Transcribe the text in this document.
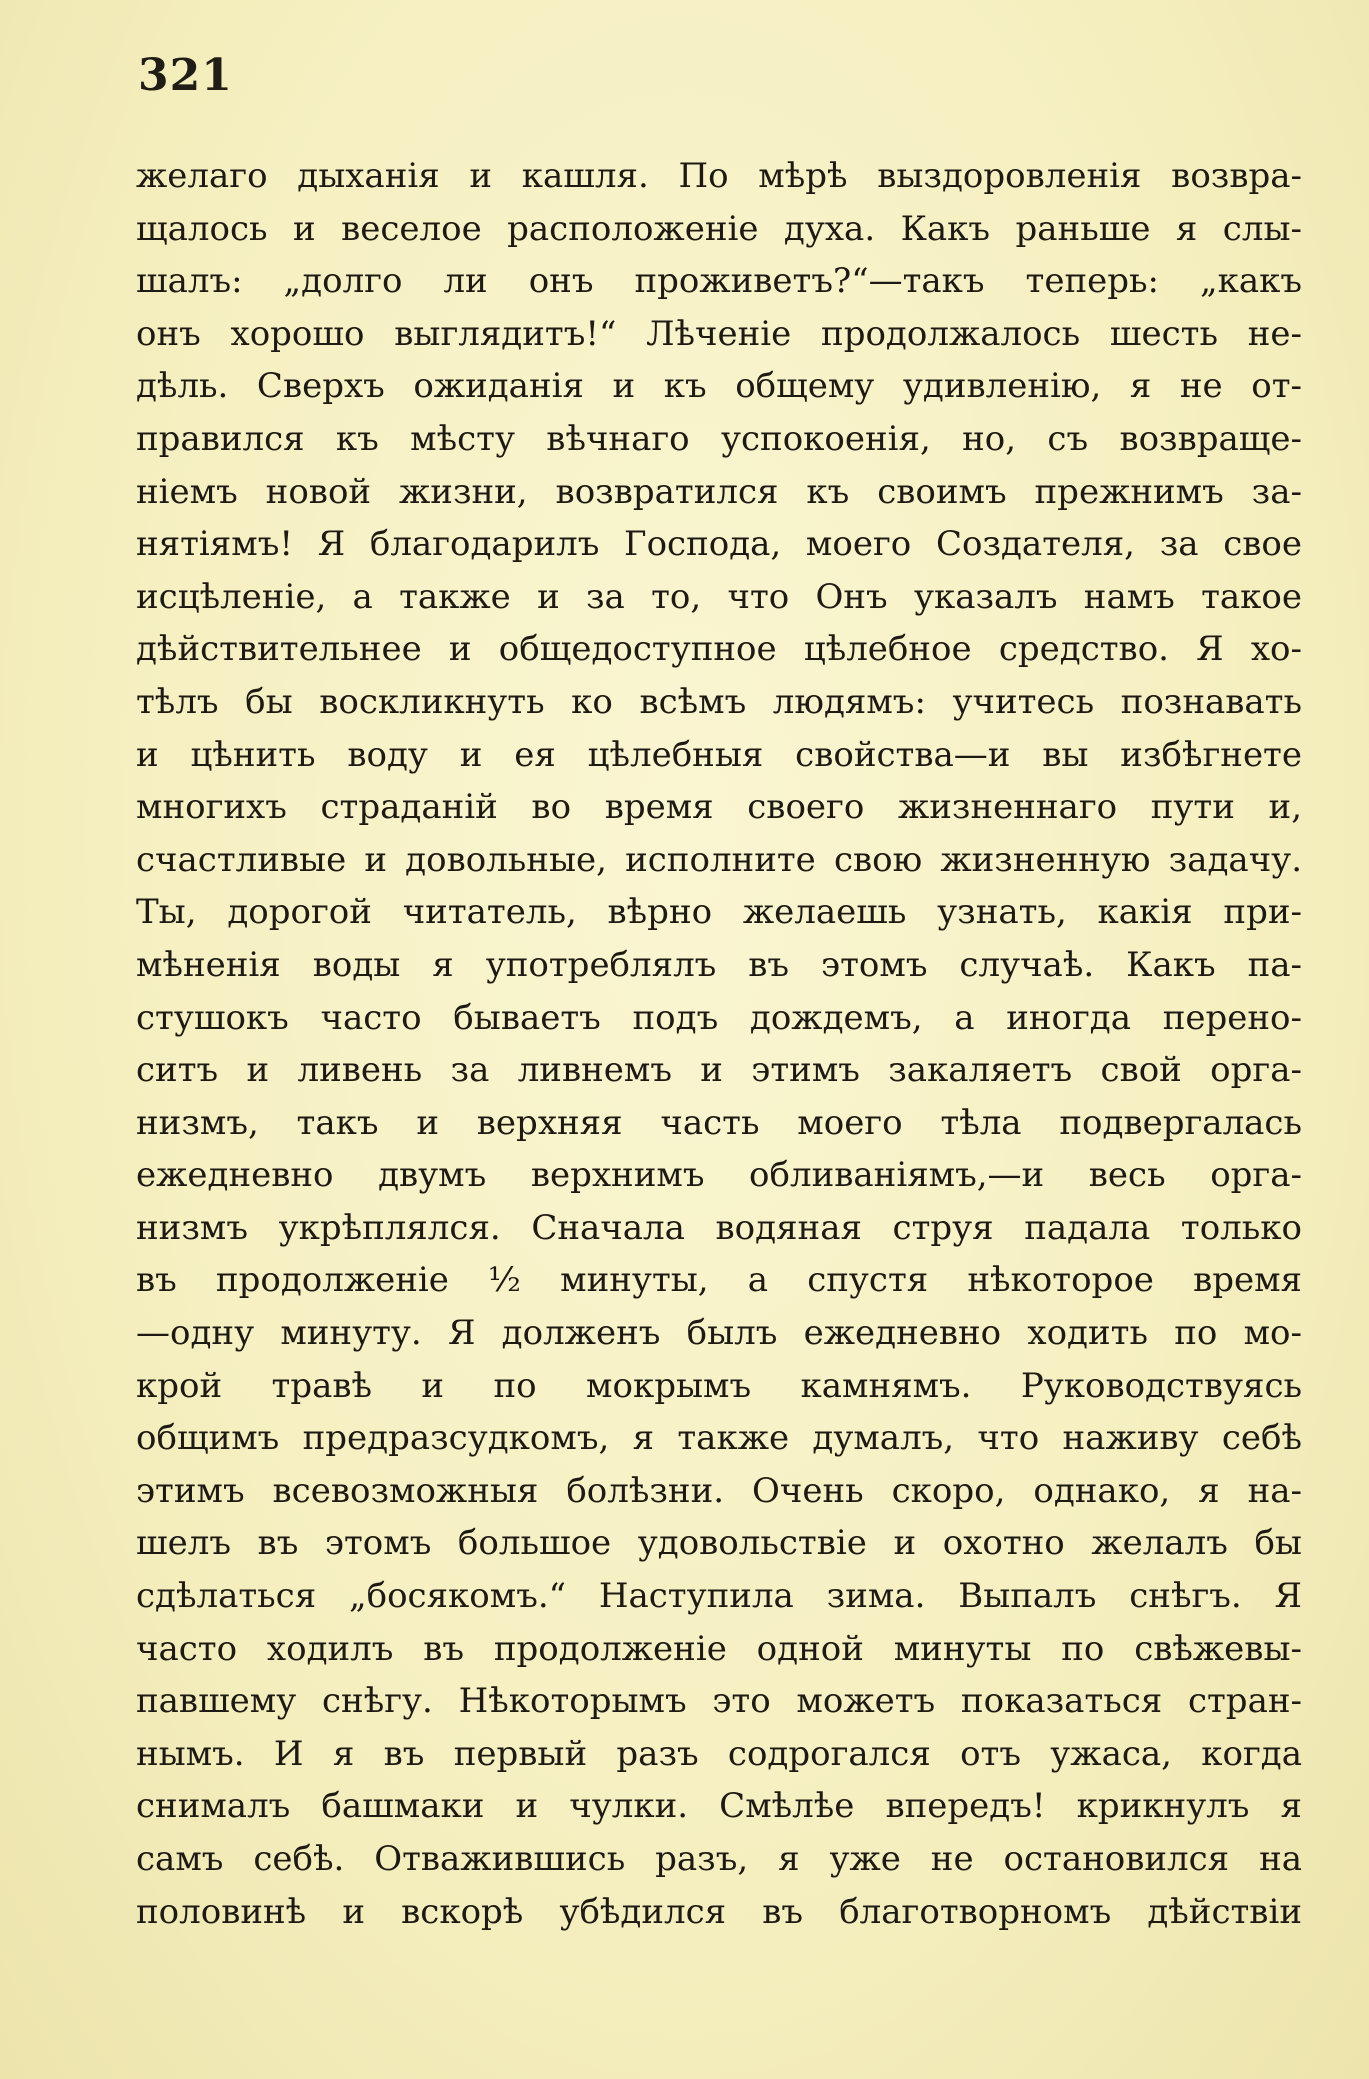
321
желаго дыханія и кашля. По мѣрѣ выздоровленія возвра-
щалось и веселое расположеніе духа. Какъ раньше я слы-
шалъ: „долго ли онъ проживетъ?“—такъ теперь: „какъ
онъ хорошо выглядитъ!“ Лѣченіе продолжалось шесть не-
дѣль. Сверхъ ожиданія и къ общему удивленію, я не от-
правился къ мѣсту вѣчнаго успокоенія, но, съ возвраще-
ніемъ новой жизни, возвратился къ своимъ прежнимъ за-
нятіямъ! Я благодарилъ Господа, моего Создателя, за свое
исцѣленіе, а также и за то, что Онъ указалъ намъ такое
дѣйствительнее и общедоступное цѣлебное средство. Я хо-
тѣлъ бы воскликнуть ко всѣмъ людямъ: учитесь познавать
и цѣнить воду и ея цѣлебныя свойства—и вы избѣгнете
многихъ страданій во время своего жизненнаго пути и,
счастливые и довольные, исполните свою жизненную задачу.
Ты, дорогой читатель, вѣрно желаешь узнать, какія при-
мѣненія воды я употреблялъ въ этомъ случаѣ. Какъ па-
стушокъ часто бываетъ подъ дождемъ, а иногда перено-
ситъ и ливень за ливнемъ и этимъ закаляетъ свой орга-
низмъ, такъ и верхняя часть моего тѣла подвергалась
ежедневно двумъ верхнимъ обливаніямъ,—и весь орга-
низмъ укрѣплялся. Сначала водяная струя падала только
въ продолженіе ½ минуты, а спустя нѣкоторое время
—одну минуту. Я долженъ былъ ежедневно ходить по мо-
крой травѣ и по мокрымъ камнямъ. Руководствуясь
общимъ предразсудкомъ, я также думалъ, что наживу себѣ
этимъ всевозможныя болѣзни. Очень скоро, однако, я на-
шелъ въ этомъ большое удовольствіе и охотно желалъ бы
сдѣлаться „босякомъ.“ Наступила зима. Выпалъ снѣгъ. Я
часто ходилъ въ продолженіе одной минуты по свѣжевы-
павшему снѣгу. Нѣкоторымъ это можетъ показаться стран-
нымъ. И я въ первый разъ содрогался отъ ужаса, когда
снималъ башмаки и чулки. Смѣлѣе впередъ! крикнулъ я
самъ себѣ. Отважившись разъ, я уже не остановился на
половинѣ и вскорѣ убѣдился въ благотворномъ дѣйствіи
